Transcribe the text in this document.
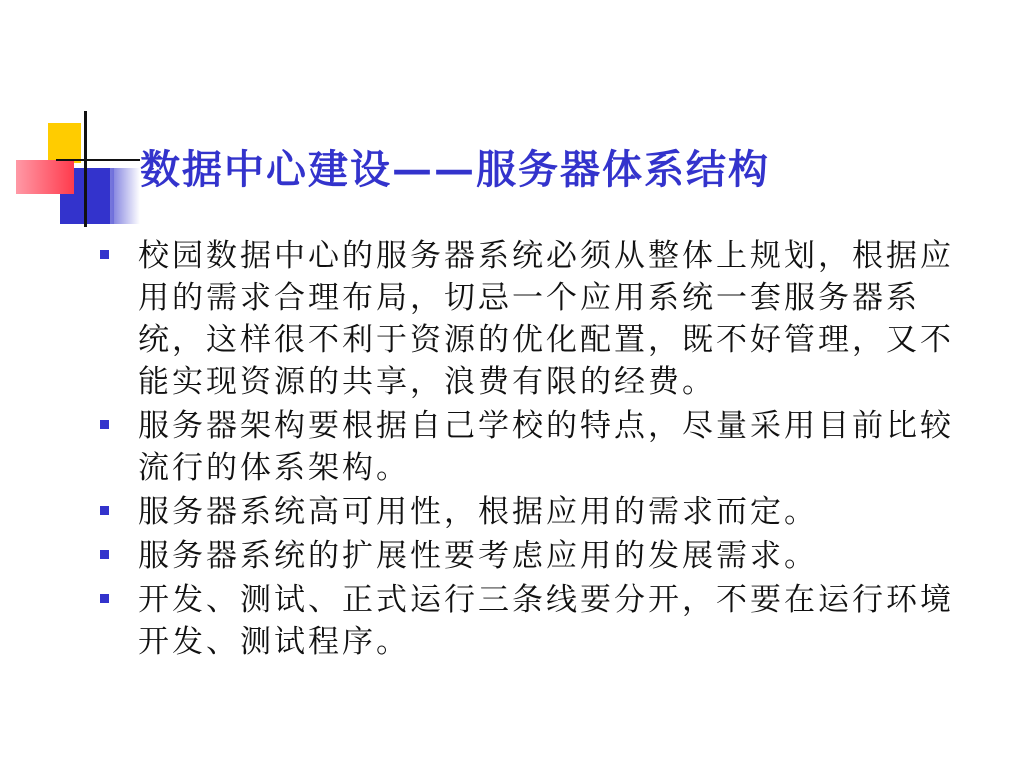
数据中心建设——服务器体系结构
校园数据中心的服务器系统必须从整体上规划，根据应用的需求合理布局，切忌一个应用系统一套服务器系统，这样很不利于资源的优化配置，既不好管理，又不能实现资源的共享，浪费有限的经费。
服务器架构要根据自己学校的特点，尽量采用目前比较流行的体系架构。
服务器系统高可用性，根据应用的需求而定。
服务器系统的扩展性要考虑应用的发展需求。
开发、测试、正式运行三条线要分开，不要在运行环境开发、测试程序。
